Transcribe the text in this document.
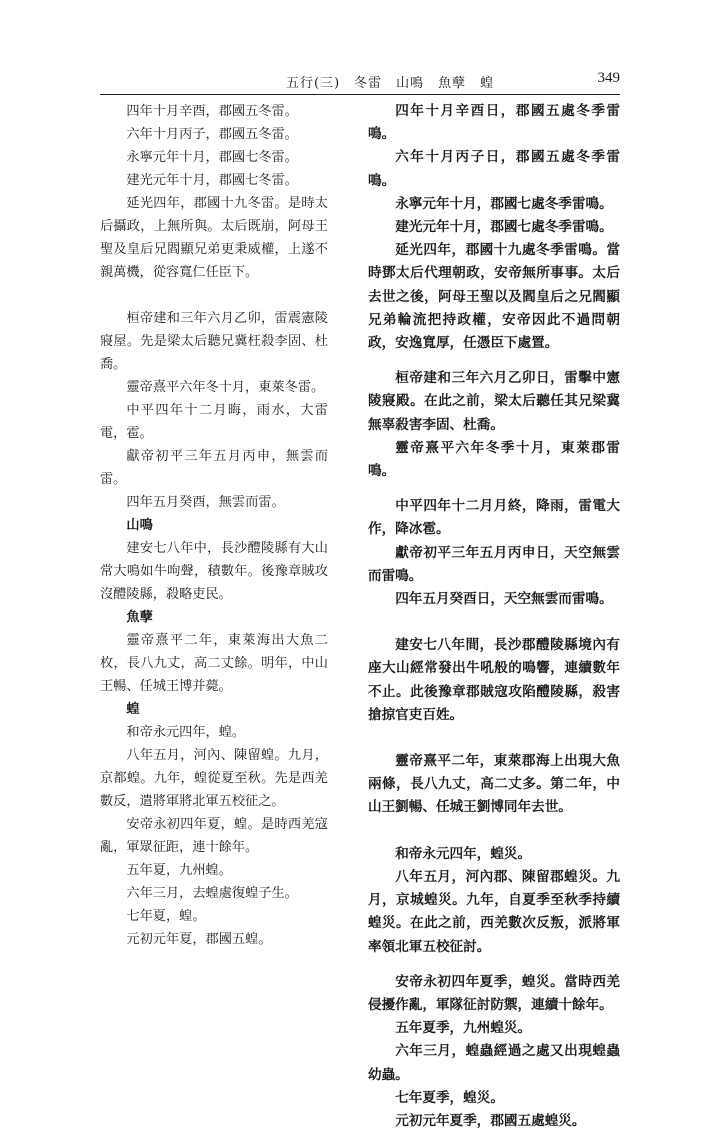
五行(三)　冬雷　山鳴　魚孽　蝗	349

四年十月辛酉，郡國五冬雷。

六年十月丙子，郡國五冬雷。

永寧元年十月，郡國七冬雷。

建光元年十月，郡國七冬雷。

延光四年，郡國十九冬雷。是時太后攝政，上無所與。太后既崩，阿母王聖及皇后兄閻顯兄弟更秉威權，上遂不親萬機，從容寬仁任臣下。

桓帝建和三年六月乙卯，雷震憲陵寢屋。先是梁太后聽兄冀枉殺李固、杜喬。

靈帝熹平六年冬十月，東萊冬雷。

中平四年十二月晦，雨水，大雷電，雹。

獻帝初平三年五月丙申，無雲而雷。

四年五月癸酉，無雲而雷。

山鳴

建安七八年中，長沙醴陵縣有大山常大鳴如牛呴聲，積數年。後豫章賊攻沒醴陵縣，殺略吏民。

魚孽

靈帝熹平二年，東萊海出大魚二枚，長八九丈，高二丈餘。明年，中山王暢、任城王博并薨。

蝗

和帝永元四年，蝗。

八年五月，河內、陳留蝗。九月，京都蝗。九年，蝗從夏至秋。先是西羌數反，遣將軍將北軍五校征之。

安帝永初四年夏，蝗。是時西羌寇亂，軍眾征距，連十餘年。

五年夏，九州蝗。

六年三月，去蝗處復蝗子生。

七年夏，蝗。

元初元年夏，郡國五蝗。

四年十月辛酉日，郡國五處冬季雷鳴。

六年十月丙子日，郡國五處冬季雷鳴。

永寧元年十月，郡國七處冬季雷鳴。

建光元年十月，郡國七處冬季雷鳴。

延光四年，郡國十九處冬季雷鳴。當時鄧太后代理朝政，安帝無所事事。太后去世之後，阿母王聖以及閻皇后之兄閻顯兄弟輪流把持政權，安帝因此不過問朝政，安逸寬厚，任憑臣下處置。

桓帝建和三年六月乙卯日，雷擊中憲陵寢殿。在此之前，梁太后聽任其兄梁冀無辜殺害李固、杜喬。

靈帝熹平六年冬季十月，東萊郡雷鳴。

中平四年十二月月終，降雨，雷電大作，降冰雹。

獻帝初平三年五月丙申日，天空無雲而雷鳴。

四年五月癸酉日，天空無雲而雷鳴。

建安七八年間，長沙郡醴陵縣境內有座大山經常發出牛吼般的鳴響，連續數年不止。此後豫章郡賊寇攻陷醴陵縣，殺害搶掠官吏百姓。

靈帝熹平二年，東萊郡海上出現大魚兩條，長八九丈，高二丈多。第二年，中山王劉暢、任城王劉博同年去世。

和帝永元四年，蝗災。

八年五月，河內郡、陳留郡蝗災。九月，京城蝗災。九年，自夏季至秋季持續蝗災。在此之前，西羌數次反叛，派將軍率領北軍五校征討。

安帝永初四年夏季，蝗災。當時西羌侵擾作亂，軍隊征討防禦，連續十餘年。

五年夏季，九州蝗災。

六年三月，蝗蟲經過之處又出現蝗蟲幼蟲。

七年夏季，蝗災。

元初元年夏季，郡國五處蝗災。
